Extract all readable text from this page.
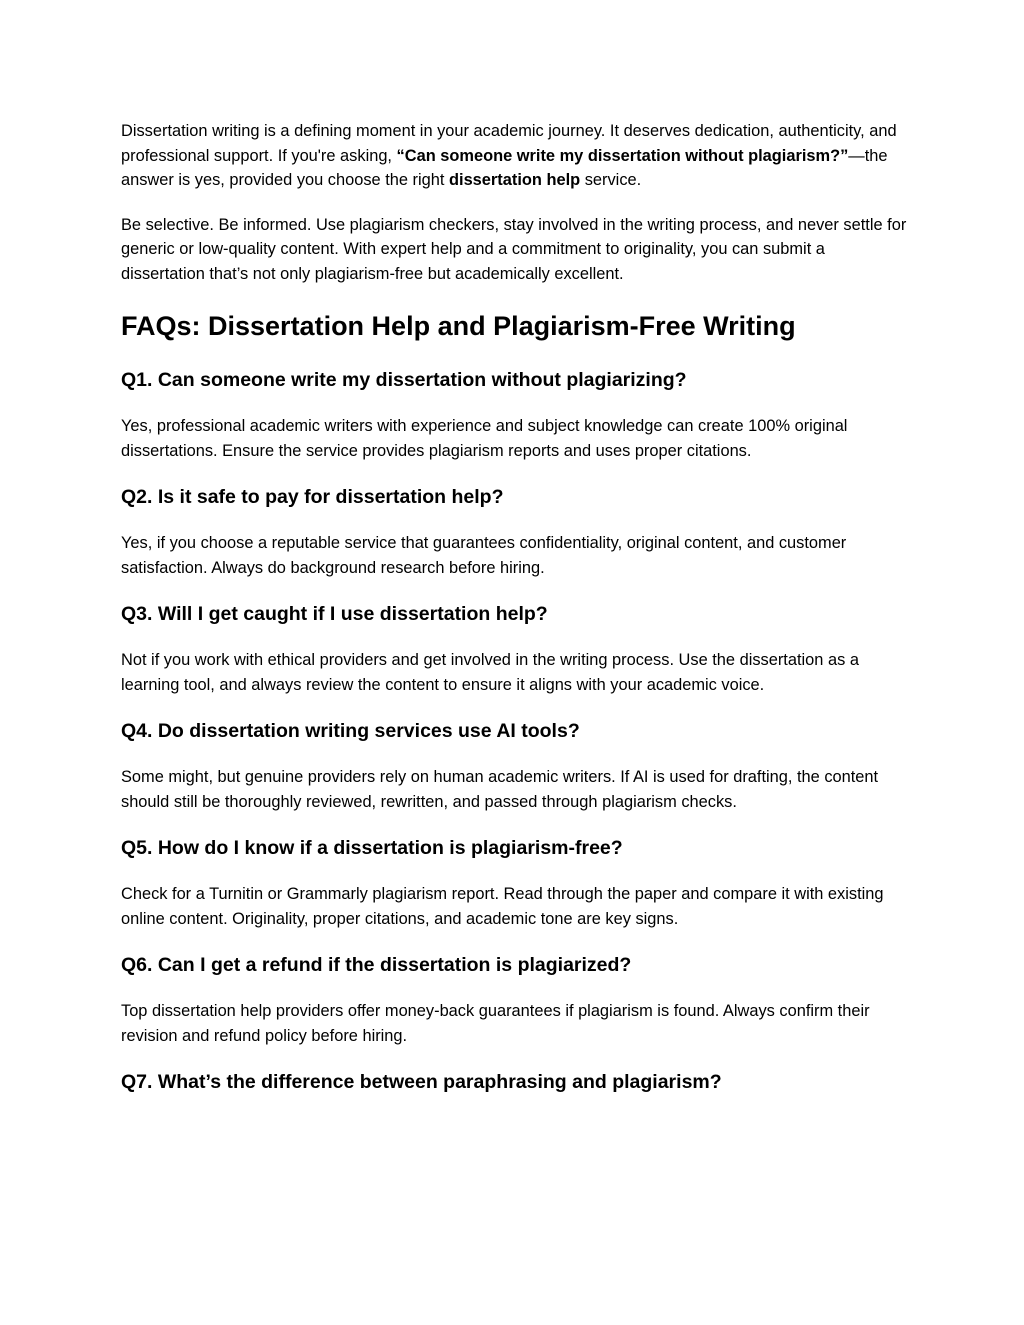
Dissertation writing is a defining moment in your academic journey. It deserves dedication, authenticity, and professional support. If you're asking, “Can someone write my dissertation without plagiarism?”—the answer is yes, provided you choose the right dissertation help service.

Be selective. Be informed. Use plagiarism checkers, stay involved in the writing process, and never settle for generic or low-quality content. With expert help and a commitment to originality, you can submit a dissertation that’s not only plagiarism-free but academically excellent.

FAQs: Dissertation Help and Plagiarism-Free Writing
Q1. Can someone write my dissertation without plagiarizing?

Yes, professional academic writers with experience and subject knowledge can create 100% original dissertations. Ensure the service provides plagiarism reports and uses proper citations.

Q2. Is it safe to pay for dissertation help?

Yes, if you choose a reputable service that guarantees confidentiality, original content, and customer satisfaction. Always do background research before hiring.

Q3. Will I get caught if I use dissertation help?

Not if you work with ethical providers and get involved in the writing process. Use the dissertation as a learning tool, and always review the content to ensure it aligns with your academic voice.

Q4. Do dissertation writing services use AI tools?

Some might, but genuine providers rely on human academic writers. If AI is used for drafting, the content should still be thoroughly reviewed, rewritten, and passed through plagiarism checks.

Q5. How do I know if a dissertation is plagiarism-free?

Check for a Turnitin or Grammarly plagiarism report. Read through the paper and compare it with existing online content. Originality, proper citations, and academic tone are key signs.

Q6. Can I get a refund if the dissertation is plagiarized?

Top dissertation help providers offer money-back guarantees if plagiarism is found. Always confirm their revision and refund policy before hiring.

Q7. What’s the difference between paraphrasing and plagiarism?
